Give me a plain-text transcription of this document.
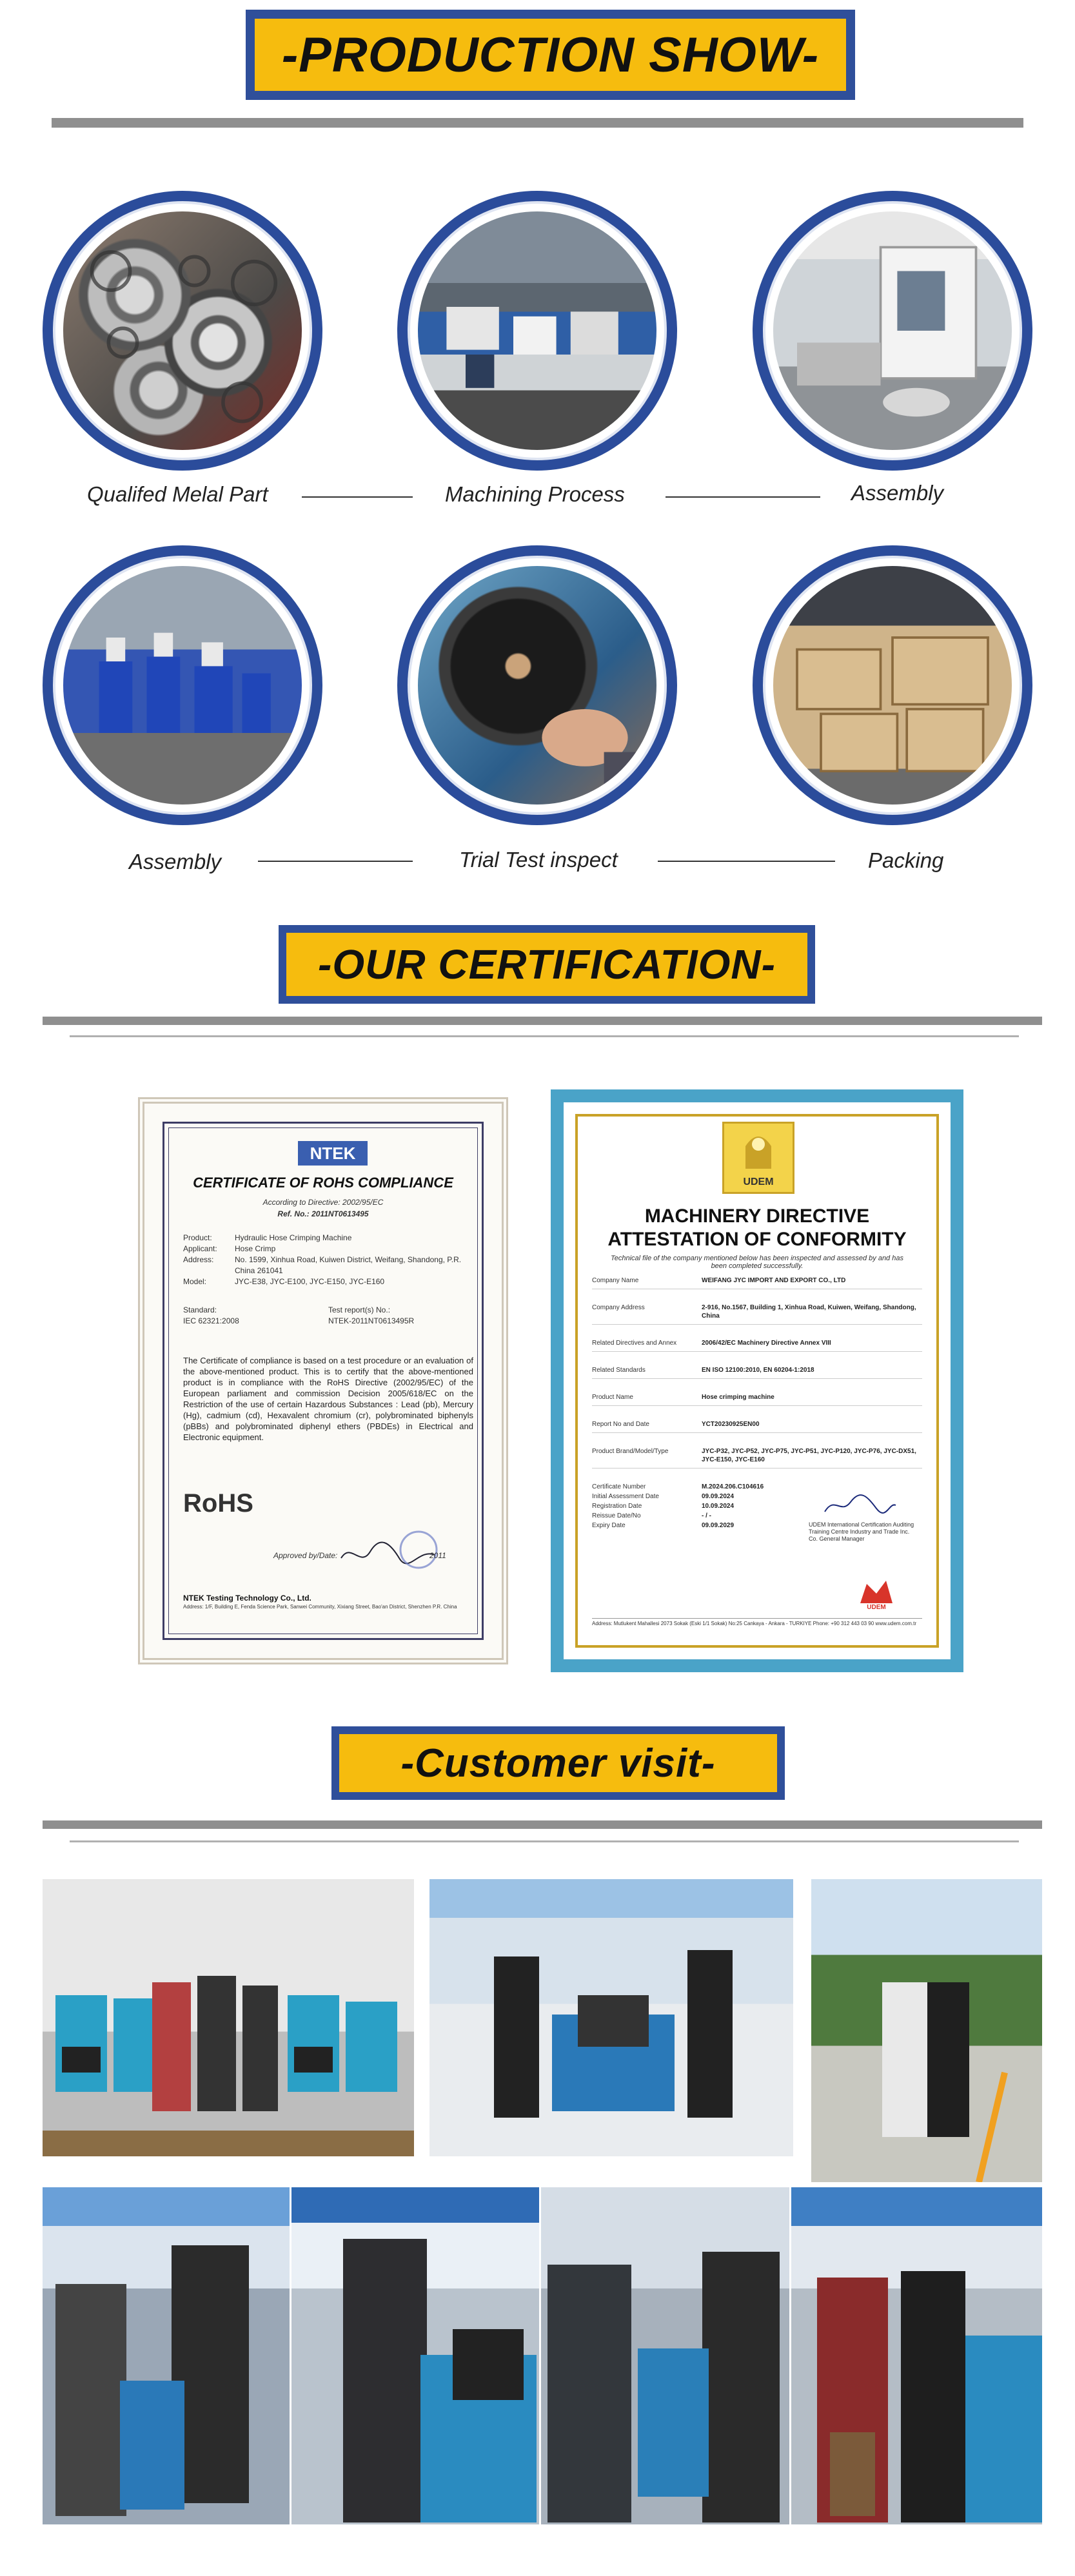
-PRODUCTION SHOW-
Qualifed Melal Part	Machining Process	Assembly
Assembly	Trial Test inspect	Packing
-OUR CERTIFICATION-
NTEK
CERTIFICATE OF ROHS COMPLIANCE
According to Directive: 2002/95/EC
Ref. No.: 2011NT0613495
Product:	Hydraulic Hose Crimping Machine
Applicant: Hose Crimp
Address:	No. 1599, Xinhua Road, Kuiwen District, Weifang, Shandong, P.R. China 261041
Model:	JYC-E38, JYC-E100, JYC-E150, JYC-E160
Standard:
IEC 62321:2008
Test report(s) No.:
NTEK-2011NT0613495R
The Certificate of compliance is based on a test procedure or an evaluation of the above-mentioned product. This is to certify that the above-mentioned product is in compliance with the RoHS Directive (2002/95/EC) of the European parliament and commission Decision 2005/618/EC on the Restriction of the use of certain Hazardous Substances : Lead (pb), Mercury (Hg), cadmium (cd), Hexavalent chromium (cr), polybrominated biphenyls (pBBs) and polybrominated diphenyl ethers (PBDEs) in Electrical and Electronic equipment.
RoHS
Approved by/Date:	2011
NTEK Testing Technology Co., Ltd.
Address: 1/F, Building E, Fenda Science Park, Sanwei Community, Xixiang Street, Bao'an District, Shenzhen P.R. China
UDEM
MACHINERY DIRECTIVE
ATTESTATION OF CONFORMITY
Technical file of the company mentioned below has been inspected and assessed by and has been completed successfully.
Company Name	WEIFANG JYC IMPORT AND EXPORT CO., LTD
Company Address	2-916, No.1567, Building 1, Xinhua Road, Kuiwen, Weifang, Shandong, China
Related Directives and Annex	2006/42/EC Machinery Directive Annex VIII
Related Standards	EN ISO 12100:2010, EN 60204-1:2018
Product Name	Hose crimping machine
Report No and Date	YCT20230925EN00
Product Brand/Model/Type	JYC-P32, JYC-P52, JYC-P75, JYC-P51, JYC-P120, JYC-P76, JYC-DX51, JYC-E150, JYC-E160
Certificate Number	M.2024.206.C104616
Initial Assessment Date	09.09.2024
Registration Date	10.09.2024
Reissue Date/No	- / -
Expiry Date	09.09.2029	UDEM International Certification Auditing Training Centre Industry and Trade Inc. Co. General Manager
UDEM
Address: Mutlukent Mahallesi 2073 Sokak (Eski 1/1 Sokak) No:25 Cankaya - Ankara - TURKIYE Phone: +90 312 443 03 90 www.udem.com.tr
-Customer visit-
